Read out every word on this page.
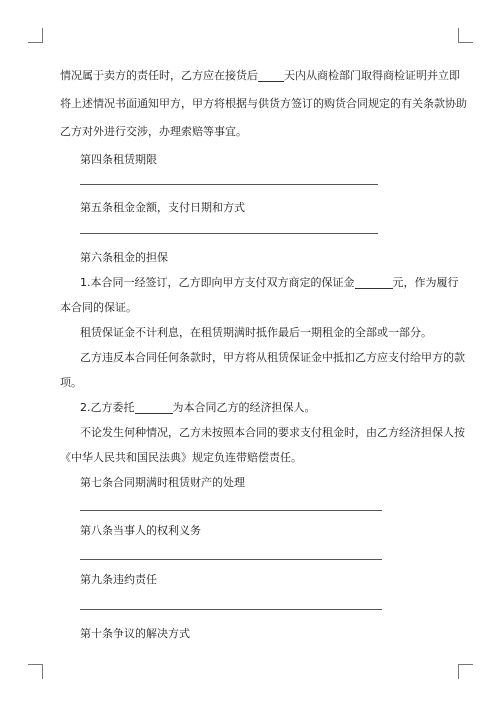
情况属于卖方的责任时，乙方应在接货后 天内从商检部门取得商检证明并立即
将上述情况书面通知甲方，甲方将根据与供货方签订的购货合同规定的有关条款协助
乙方对外进行交涉，办理索赔等事宜。
第四条租赁期限
第五条租金金额，支付日期和方式
第六条租金的担保
1.本合同一经签订，乙方即向甲方支付双方商定的保证金	元，作为履行
本合同的保证。
租赁保证金不计利息，在租赁期满时抵作最后一期租金的全部或一部分。
乙方违反本合同任何条款时，甲方将从租赁保证金中抵扣乙方应支付给甲方的款
项。
2.乙方委托	为本合同乙方的经济担保人。
不论发生何种情况，乙方未按照本合同的要求支付租金时，由乙方经济担保人按
《中华人民共和国民法典》规定负连带赔偿责任。
第七条合同期满时租赁财产的处理
第八条当事人的权利义务
第九条违约责任
第十条争议的解决方式
